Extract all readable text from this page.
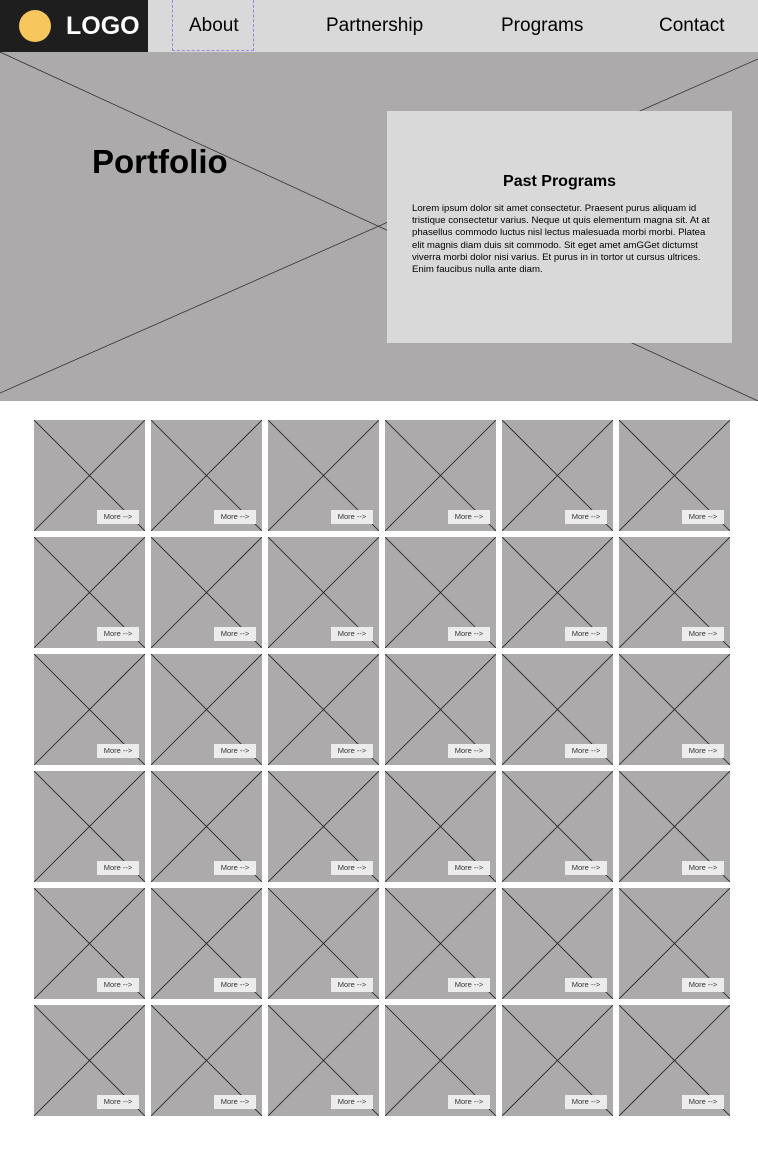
LOGO	About	Partnership	Programs	Contact
Portfolio
Past Programs
Lorem ipsum dolor sit amet consectetur. Praesent purus aliquam id tristique consectetur varius. Neque ut quis elementum magna sit. At at phasellus commodo luctus nisl lectus malesuada morbi morbi. Platea elit magnis diam duis sit commodo. Sit eget amet amGGet dictumst viverra morbi dolor nisi varius. Et purus in in tortor ut cursus ultrices. Enim faucibus nulla ante diam.
More -->	More -->	More -->	More -->	More -->	More -->
More -->	More -->	More -->	More -->	More -->	More -->
More -->	More -->	More -->	More -->	More -->	More -->
More -->	More -->	More -->	More -->	More -->	More -->
More -->	More -->	More -->	More -->	More -->	More -->
More -->	More -->	More -->	More -->	More -->	More -->
